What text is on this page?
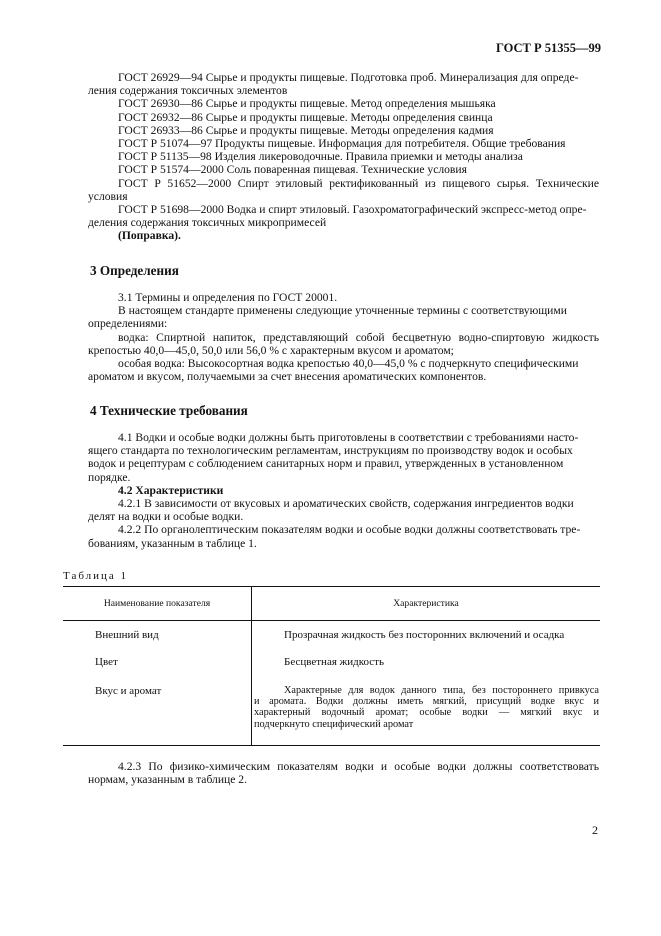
ГОСТ Р 51355—99
ГОСТ 26929—94 Сырье и продукты пищевые. Подготовка проб. Минерализация для опреде-
ления содержания токсичных элементов
ГОСТ 26930—86 Сырье и продукты пищевые. Метод определения мышьяка
ГОСТ 26932—86 Сырье и продукты пищевые. Методы определения свинца
ГОСТ 26933—86 Сырье и продукты пищевые. Методы определения кадмия
ГОСТ Р 51074—97 Продукты пищевые. Информация для потребителя. Общие требования
ГОСТ Р 51135—98 Изделия ликероводочные. Правила приемки и методы анализа
ГОСТ Р 51574—2000 Соль поваренная пищевая. Технические условия
ГОСТ Р 51652—2000 Спирт этиловый ректификованный из пищевого сырья. Технические
условия
ГОСТ Р 51698—2000 Водка и спирт этиловый. Газохроматографический экспресс-метод опре-
деления содержания токсичных микропримесей
(Поправка).
3 Определения
3.1 Термины и определения по ГОСТ 20001.
В настоящем стандарте применены следующие уточненные термины с соответствующими
определениями:
водка: Спиртной напиток, представляющий собой бесцветную водно-спиртовую жидкость
крепостью 40,0—45,0, 50,0 или 56,0 % с характерным вкусом и ароматом;
особая водка: Высокосортная водка крепостью 40,0—45,0 % с подчеркнуто специфическими
ароматом и вкусом, получаемыми за счет внесения ароматических компонентов.
4 Технические требования
4.1 Водки и особые водки должны быть приготовлены в соответствии с требованиями насто-
ящего стандарта по технологическим регламентам, инструкциям по производству водок и особых
водок и рецептурам с соблюдением санитарных норм и правил, утвержденных в установленном
порядке.
4.2 Характеристики
4.2.1 В зависимости от вкусовых и ароматических свойств, содержания ингредиентов водки
делят на водки и особые водки.
4.2.2 По органолептическим показателям водки и особые водки должны соответствовать тре-
бованиям, указанным в таблице 1.
Таблица 1
Наименование показателя	Характеристика
Внешний вид	Прозрачная жидкость без посторонних включений и осадка
Цвет	Бесцветная жидкость
Вкус и аромат	Характерные для водок данного типа, без постороннего привкуса
и аромата. Водки должны иметь мягкий, присущий водке вкус и
характерный водочный аромат; особые водки — мягкий вкус и
подчеркнуто специфический аромат
4.2.3 По физико-химическим показателям водки и особые водки должны соответствовать
нормам, указанным в таблице 2.
2
